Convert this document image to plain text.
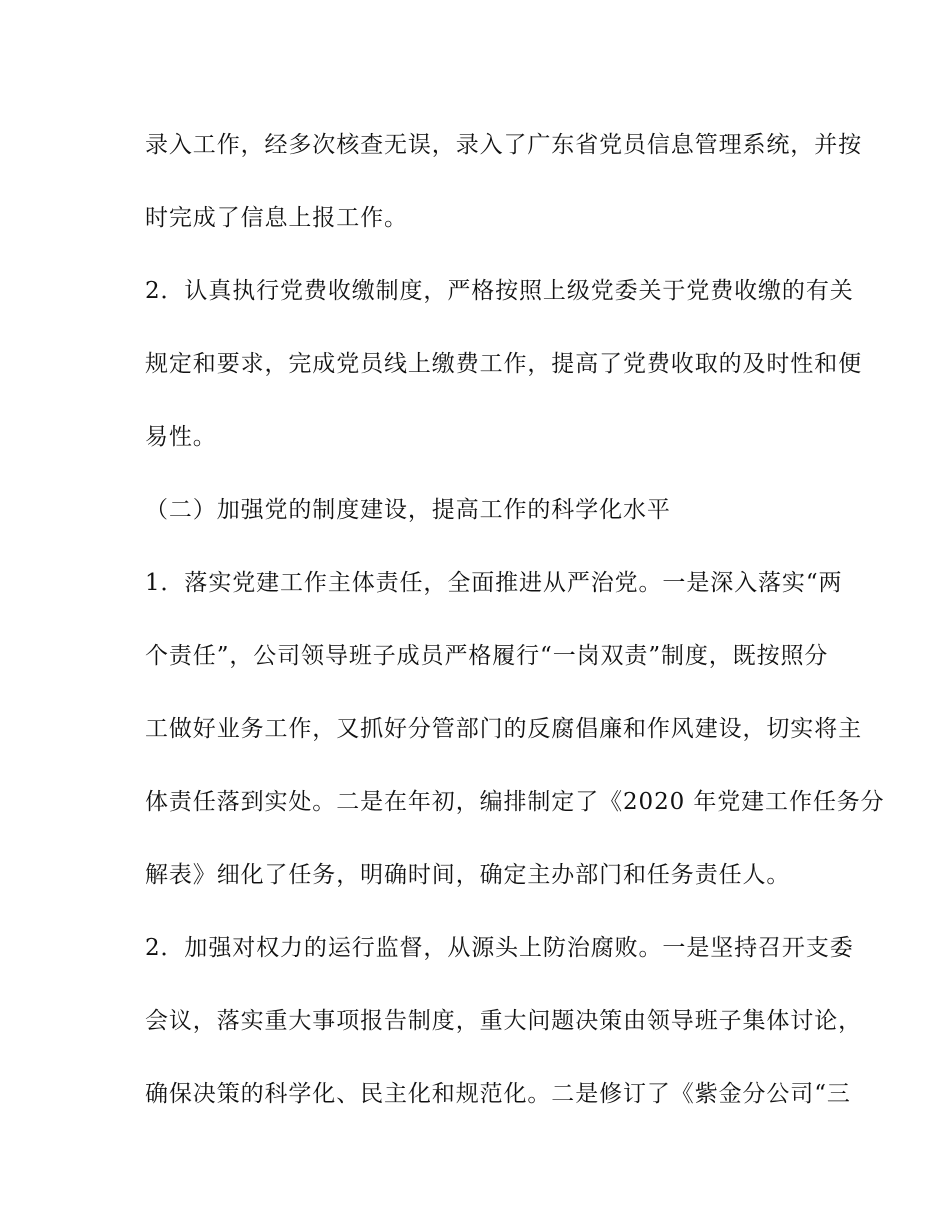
录入工作，经多次核查无误，录入了广东省党员信息管理系统，并按
时完成了信息上报工作。
2．认真执行党费收缴制度，严格按照上级党委关于党费收缴的有关
规定和要求，完成党员线上缴费工作，提高了党费收取的及时性和便
易性。
（二）加强党的制度建设，提高工作的科学化水平
1．落实党建工作主体责任，全面推进从严治党。一是深入落实“两
个责任”，公司领导班子成员严格履行“一岗双责”制度，既按照分
工做好业务工作，又抓好分管部门的反腐倡廉和作风建设，切实将主
体责任落到实处。二是在年初，编排制定了《2020 年党建工作任务分
解表》细化了任务，明确时间，确定主办部门和任务责任人。
2．加强对权力的运行监督，从源头上防治腐败。一是坚持召开支委
会议，落实重大事项报告制度，重大问题决策由领导班子集体讨论，
确保决策的科学化、民主化和规范化。二是修订了《紫金分公司“三
